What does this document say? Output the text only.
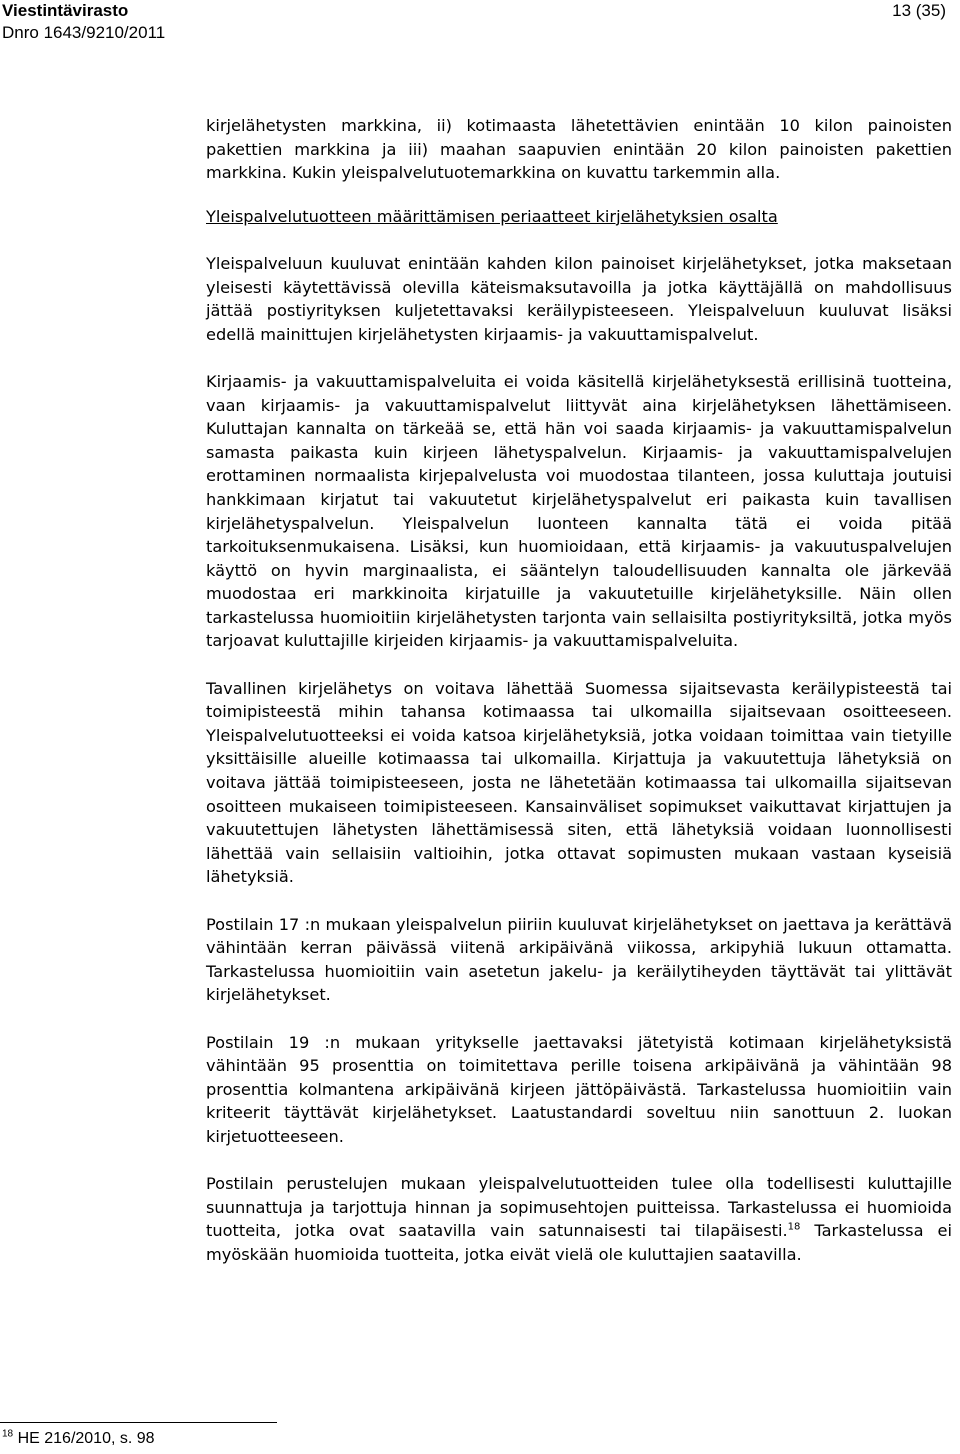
Viestintävirasto
Dnro 1643/9210/2011
13 (35)

kirjelähetysten markkina, ii) kotimaasta lähetettävien enintään 10 kilon painoisten pakettien markkina ja iii) maahan saapuvien enintään 20 kilon painoisten pakettien markkina. Kukin yleispalvelutuotemarkkina on kuvattu tarkemmin alla.

Yleispalvelutuotteen määrittämisen periaatteet kirjelähetyksien osalta

Yleispalveluun kuuluvat enintään kahden kilon painoiset kirjelähetykset, jotka maksetaan yleisesti käytettävissä olevilla käteismaksutavoilla ja jotka käyttäjällä on mahdollisuus jättää postiyrityksen kuljetettavaksi keräilypisteeseen. Yleispalveluun kuuluvat lisäksi edellä mainittujen kirjelähetysten kirjaamis- ja vakuuttamispalvelut.

Kirjaamis- ja vakuuttamispalveluita ei voida käsitellä kirjelähetyksestä erillisinä tuotteina, vaan kirjaamis- ja vakuuttamispalvelut liittyvät aina kirjelähetyksen lähettämiseen. Kuluttajan kannalta on tärkeää se, että hän voi saada kirjaamis- ja vakuuttamispalvelun samasta paikasta kuin kirjeen lähetyspalvelun. Kirjaamis- ja vakuuttamispalvelujen erottaminen normaalista kirjepalvelusta voi muodostaa tilanteen, jossa kuluttaja joutuisi hankkimaan kirjatut tai vakuutetut kirjelähetyspalvelut eri paikasta kuin tavallisen kirjelähetyspalvelun. Yleispalvelun luonteen kannalta tätä ei voida pitää tarkoituksenmukaisena. Lisäksi, kun huomioidaan, että kirjaamis- ja vakuutuspalvelujen käyttö on hyvin marginaalista, ei sääntelyn taloudellisuuden kannalta ole järkevää muodostaa eri markkinoita kirjatuille ja vakuutetuille kirjelähetyksille. Näin ollen tarkastelussa huomioitiin kirjelähetysten tarjonta vain sellaisilta postiyrityksiltä, jotka myös tarjoavat kuluttajille kirjeiden kirjaamis- ja vakuuttamispalveluita.

Tavallinen kirjelähetys on voitava lähettää Suomessa sijaitsevasta keräilypisteestä tai toimipisteestä mihin tahansa kotimaassa tai ulkomailla sijaitsevaan osoitteeseen. Yleispalvelutuotteeksi ei voida katsoa kirjelähetyksiä, jotka voidaan toimittaa vain tietyille yksittäisille alueille kotimaassa tai ulkomailla. Kirjattuja ja vakuutettuja lähetyksiä on voitava jättää toimipisteeseen, josta ne lähetetään kotimaassa tai ulkomailla sijaitsevan osoitteen mukaiseen toimipisteeseen. Kansainväliset sopimukset vaikuttavat kirjattujen ja vakuutettujen lähetysten lähettämisessä siten, että lähetyksiä voidaan luonnollisesti lähettää vain sellaisiin valtioihin, jotka ottavat sopimusten mukaan vastaan kyseisiä lähetyksiä.

Postilain 17 :n mukaan yleispalvelun piiriin kuuluvat kirjelähetykset on jaettava ja kerättävä vähintään kerran päivässä viitenä arkipäivänä viikossa, arkipyhiä lukuun ottamatta. Tarkastelussa huomioitiin vain asetetun jakelu- ja keräilytiheyden täyttävät tai ylittävät kirjelähetykset.

Postilain 19 :n mukaan yritykselle jaettavaksi jätetyistä kotimaan kirjelähetyksistä vähintään 95 prosenttia on toimitettava perille toisena arkipäivänä ja vähintään 98 prosenttia kolmantena arkipäivänä kirjeen jättöpäivästä. Tarkastelussa huomioitiin vain kriteerit täyttävät kirjelähetykset. Laatustandardi soveltuu niin sanottuun 2. luokan kirjetuotteeseen.

Postilain perustelujen mukaan yleispalvelutuotteiden tulee olla todellisesti kuluttajille suunnattuja ja tarjottuja hinnan ja sopimusehtojen puitteissa. Tarkastelussa ei huomioida tuotteita, jotka ovat saatavilla vain satunnaisesti tai tilapäisesti.$^{18}$ Tarkastelussa ei myöskään huomioida tuotteita, jotka eivät vielä ole kuluttajien saatavilla.

$^{18}$ HE 216/2010, s. 98
